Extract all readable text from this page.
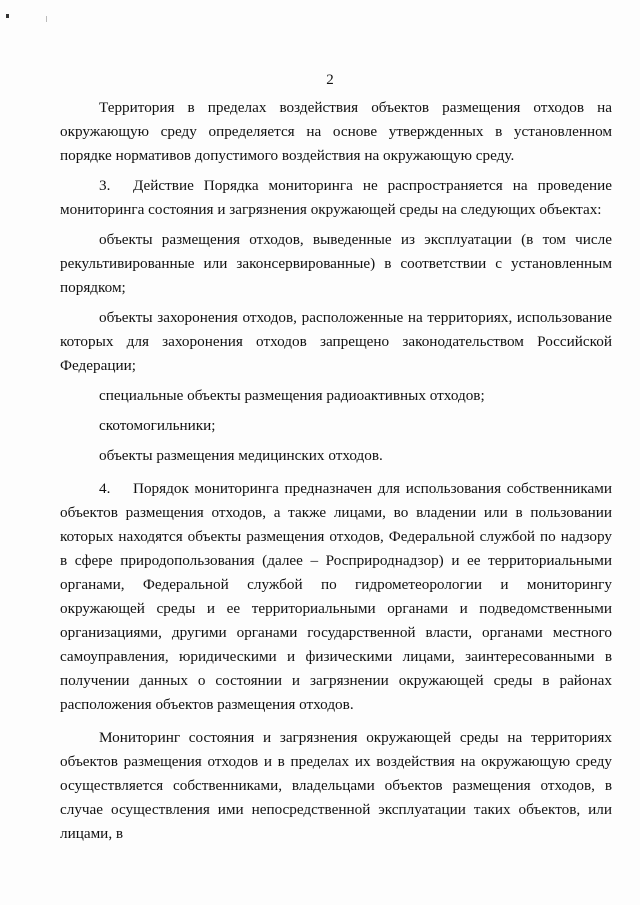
2

Территория в пределах воздействия объектов размещения отходов на окружающую среду определяется на основе утвержденных в установленном порядке нормативов допустимого воздействия на окружающую среду.

3. Действие Порядка мониторинга не распространяется на проведение мониторинга состояния и загрязнения окружающей среды на следующих объектах:

объекты размещения отходов, выведенные из эксплуатации (в том числе рекультивированные или законсервированные) в соответствии с установленным порядком;

объекты захоронения отходов, расположенные на территориях, использование которых для захоронения отходов запрещено законодательством Российской Федерации;

специальные объекты размещения радиоактивных отходов;

скотомогильники;

объекты размещения медицинских отходов.

4. Порядок мониторинга предназначен для использования собственниками объектов размещения отходов, а также лицами, во владении или в пользовании которых находятся объекты размещения отходов, Федеральной службой по надзору в сфере природопользования (далее – Росприроднадзор) и ее территориальными органами, Федеральной службой по гидрометеорологии и мониторингу окружающей среды и ее территориальными органами и подведомственными организациями, другими органами государственной власти, органами местного самоуправления, юридическими и физическими лицами, заинтересованными в получении данных о состоянии и загрязнении окружающей среды в районах расположения объектов размещения отходов.

Мониторинг состояния и загрязнения окружающей среды на территориях объектов размещения отходов и в пределах их воздействия на окружающую среду осуществляется собственниками, владельцами объектов размещения отходов, в случае осуществления ими непосредственной эксплуатации таких объектов, или лицами, в
